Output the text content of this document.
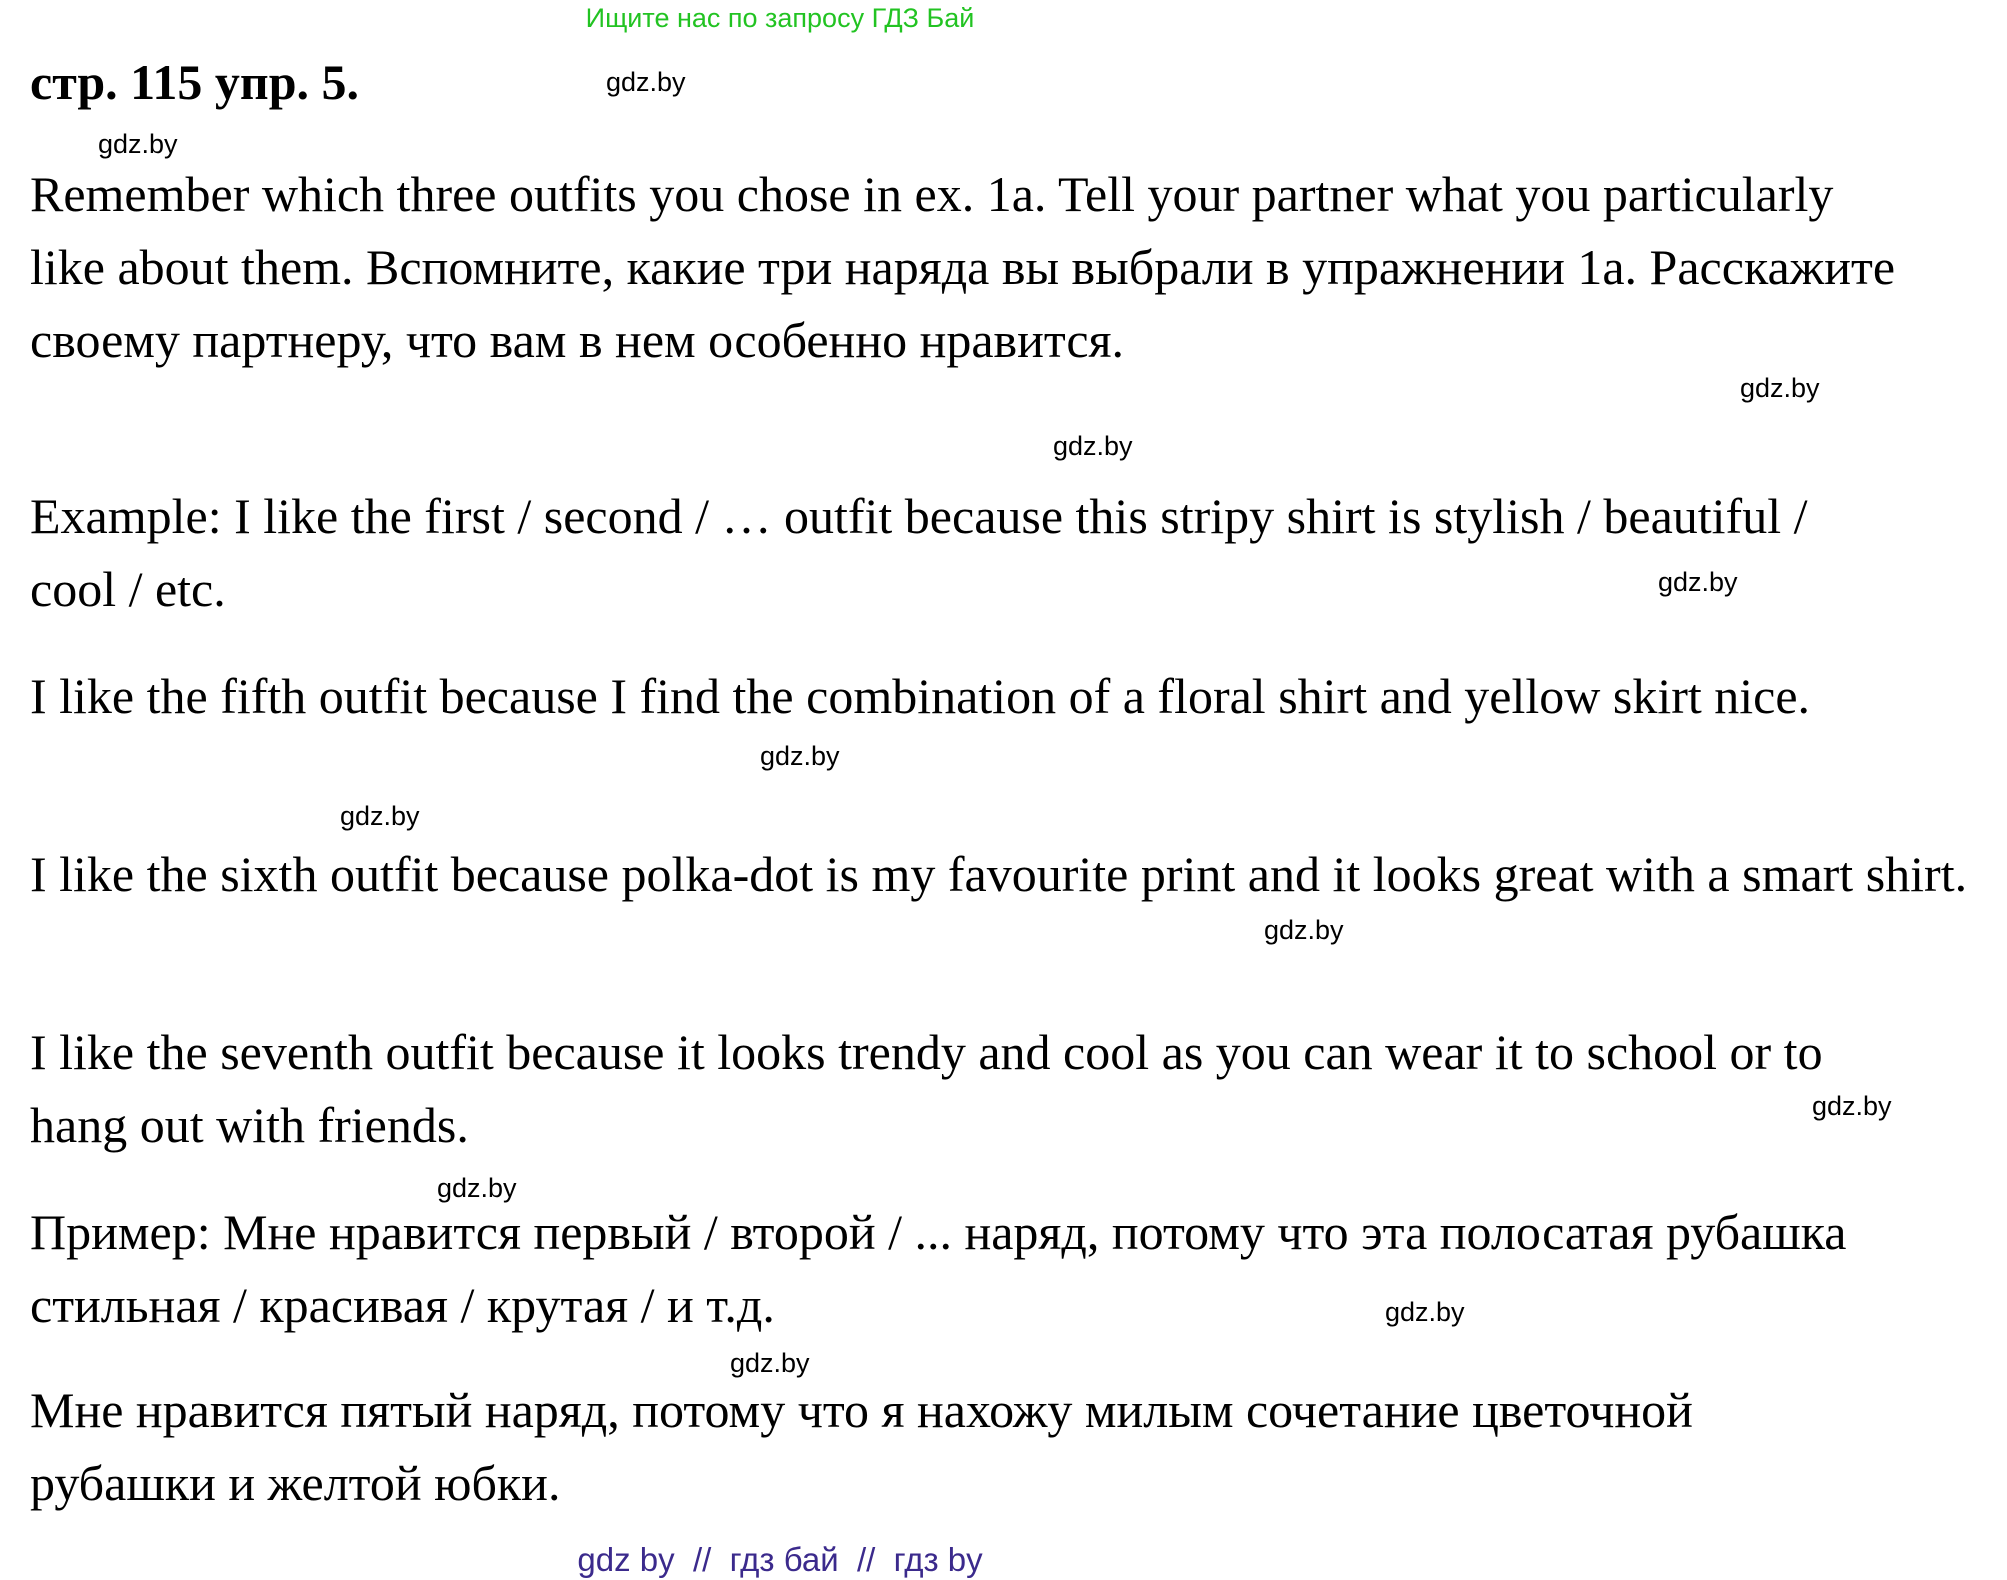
Ищите нас по запросу ГДЗ Бай
стр. 115 упр. 5.

Remember which three outfits you chose in ex. 1a. Tell your partner what you particularly like about them. Вспомните, какие три наряда вы выбрали в упражнении 1а. Расскажите своему партнеру, что вам в нем особенно нравится.

Example: I like the first / second / … outfit because this stripy shirt is stylish / beautiful / cool / etc.

I like the fifth outfit because I find the combination of a floral shirt and yellow skirt nice.

I like the sixth outfit because polka-dot is my favourite print and it looks great with a smart shirt.

I like the seventh outfit because it looks trendy and cool as you can wear it to school or to hang out with friends.

Пример: Мне нравится первый / второй / ... наряд, потому что эта полосатая рубашка стильная / красивая / крутая / и т.д.

Мне нравится пятый наряд, потому что я нахожу милым сочетание цветочной рубашки и желтой юбки.

gdz.by
gdz.by
gdz.by
gdz.by
gdz.by
gdz.by
gdz.by
gdz.by
gdz.by
gdz.by
gdz.by
gdz.by
gdz by  //  гдз бай  //  гдз by
